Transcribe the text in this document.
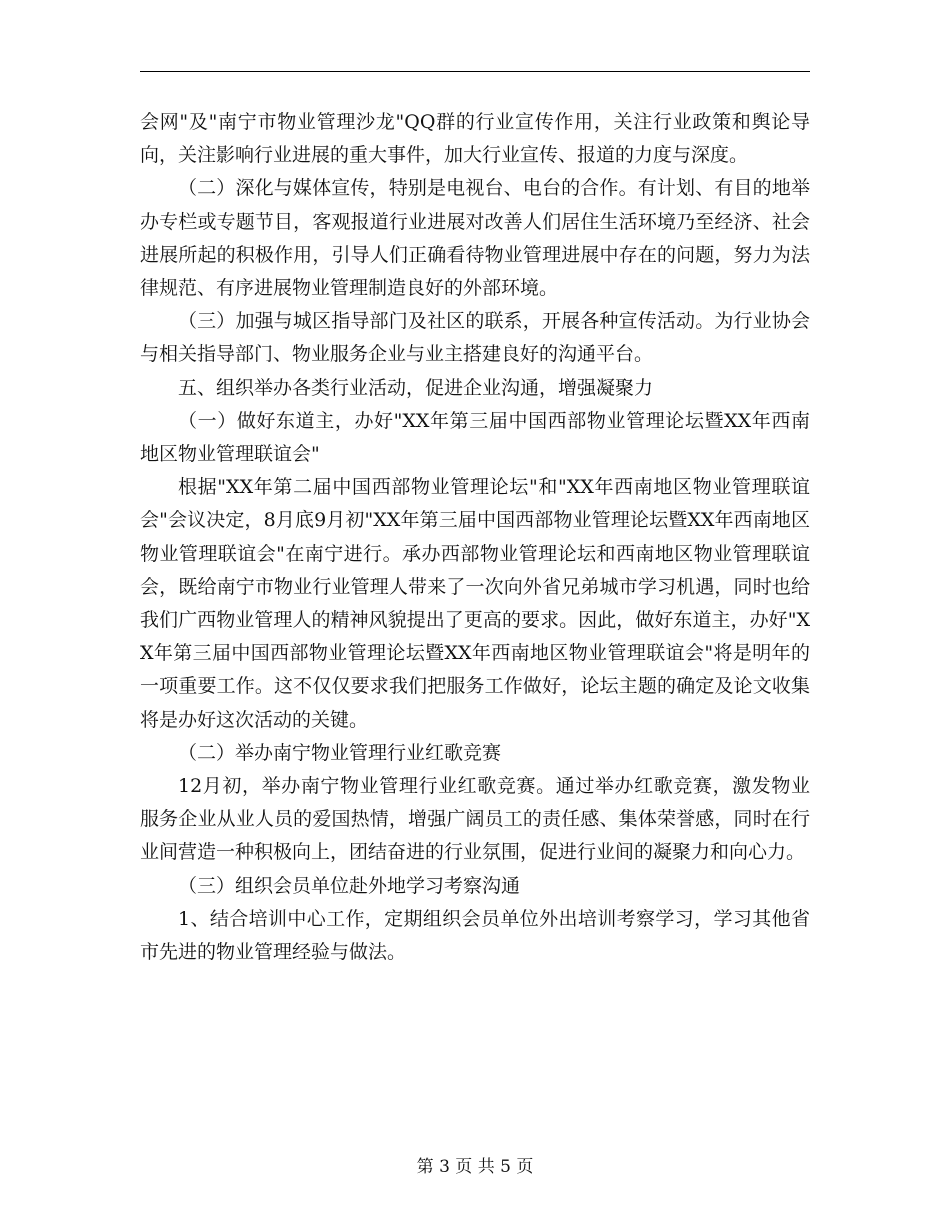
会网"及"南宁市物业管理沙龙"QQ群的行业宣传作用，关注行业政策和舆论导向，关注影响行业进展的重大事件，加大行业宣传、报道的力度与深度。

（二）深化与媒体宣传，特别是电视台、电台的合作。有计划、有目的地举办专栏或专题节目，客观报道行业进展对改善人们居住生活环境乃至经济、社会进展所起的积极作用，引导人们正确看待物业管理进展中存在的问题，努力为法律规范、有序进展物业管理制造良好的外部环境。

（三）加强与城区指导部门及社区的联系，开展各种宣传活动。为行业协会与相关指导部门、物业服务企业与业主搭建良好的沟通平台。

五、组织举办各类行业活动，促进企业沟通，增强凝聚力

（一）做好东道主，办好"XX年第三届中国西部物业管理论坛暨XX年西南地区物业管理联谊会"

根据"XX年第二届中国西部物业管理论坛"和"XX年西南地区物业管理联谊会"会议决定，8月底9月初"XX年第三届中国西部物业管理论坛暨XX年西南地区物业管理联谊会"在南宁进行。承办西部物业管理论坛和西南地区物业管理联谊会，既给南宁市物业行业管理人带来了一次向外省兄弟城市学习机遇，同时也给我们广西物业管理人的精神风貌提出了更高的要求。因此，做好东道主，办好"XX年第三届中国西部物业管理论坛暨XX年西南地区物业管理联谊会"将是明年的一项重要工作。这不仅仅要求我们把服务工作做好，论坛主题的确定及论文收集将是办好这次活动的关键。

（二）举办南宁物业管理行业红歌竞赛

12月初，举办南宁物业管理行业红歌竞赛。通过举办红歌竞赛，激发物业服务企业从业人员的爱国热情，增强广阔员工的责任感、集体荣誉感，同时在行业间营造一种积极向上，团结奋进的行业氛围，促进行业间的凝聚力和向心力。

（三）组织会员单位赴外地学习考察沟通

1、结合培训中心工作，定期组织会员单位外出培训考察学习，学习其他省市先进的物业管理经验与做法。

第 3 页 共 5 页
